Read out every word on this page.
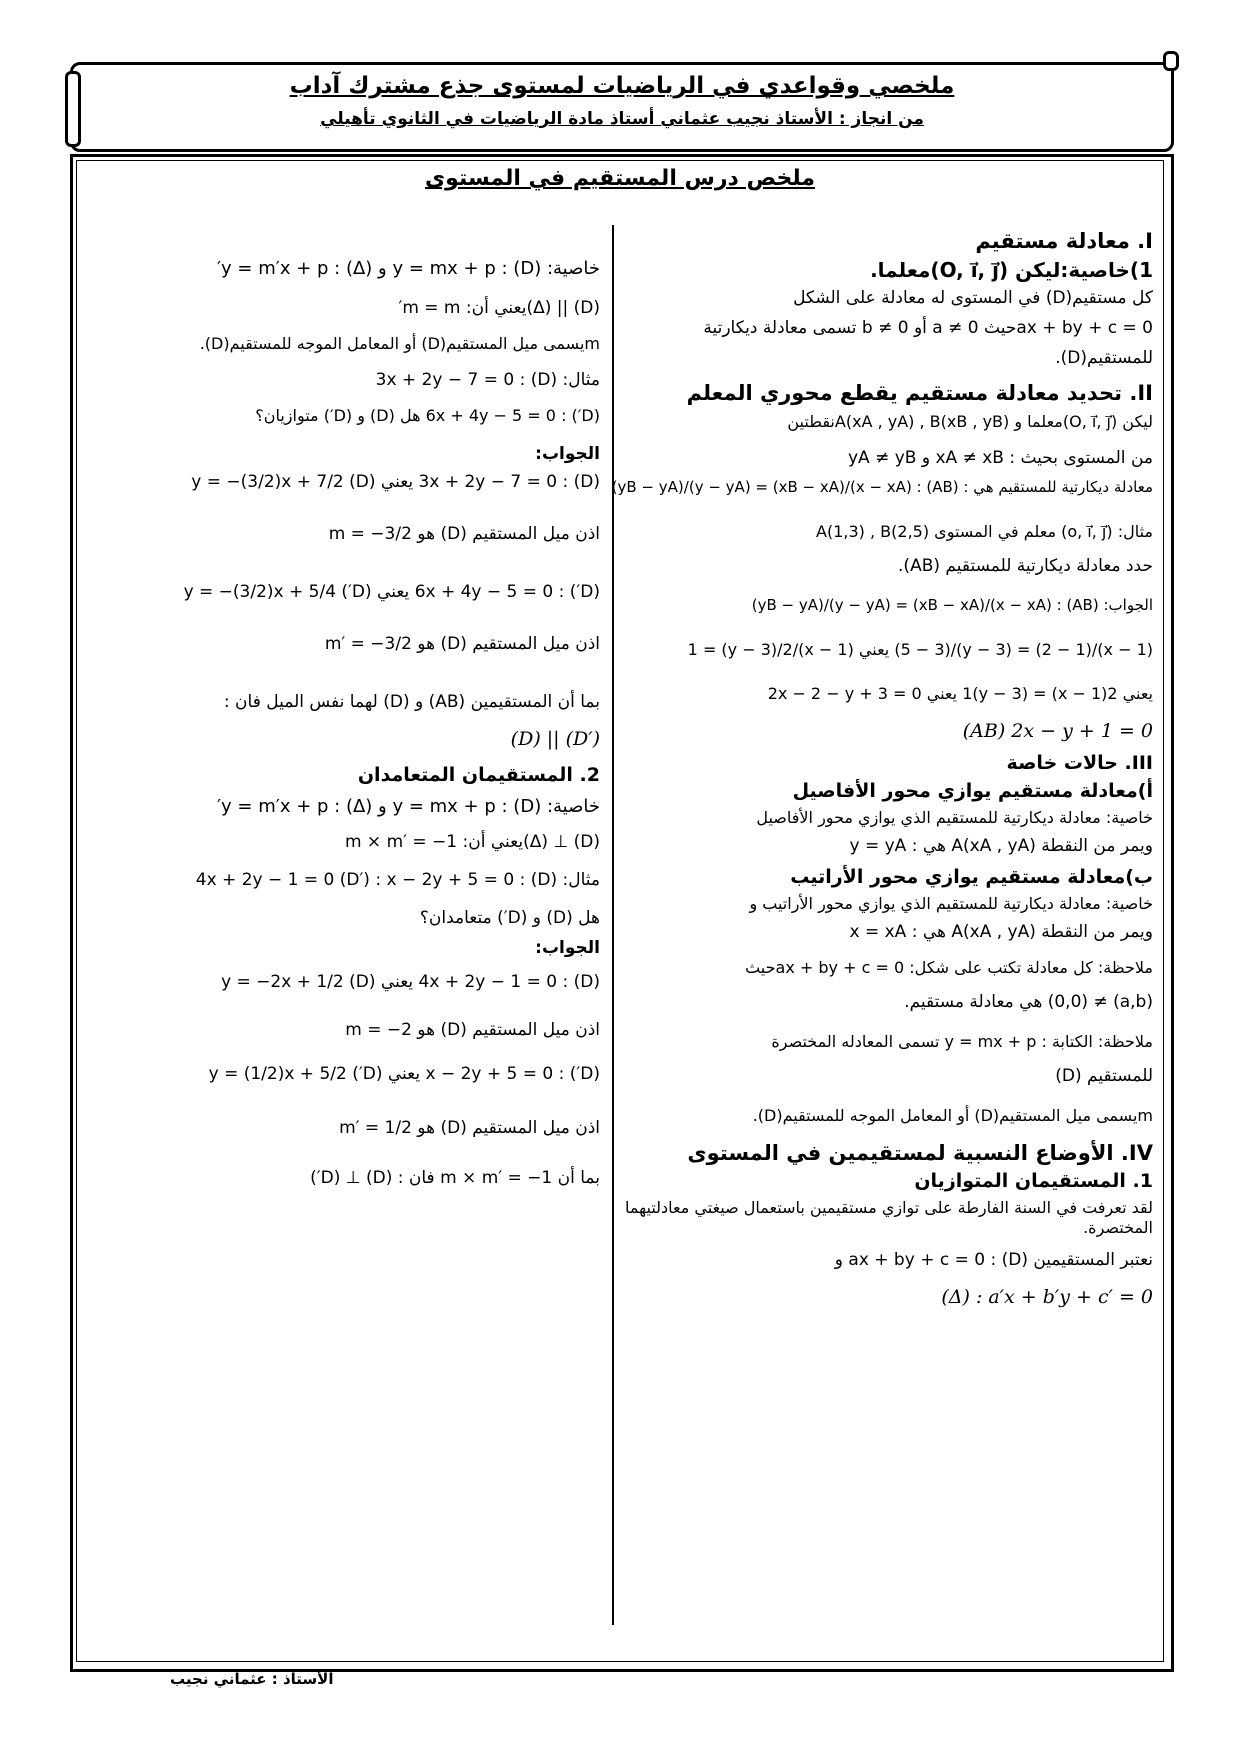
ملخصي وقواعدي في الرياضيات لمستوى جذع مشترك آداب
من انجاز : الأستاذ نجيب عثماني أستاذ مادة الرياضيات في الثانوي تأهيلي
ملخص درس المستقيم في المستوى

I. معادلة مستقيم

1)خاصية:ليكن (O, i⃗, j⃗)معلما.

كل مستقيم(D) في المستوى له معادلة على الشكل

ax + by + c = 0حيث a ≠ 0 أو b ≠ 0 تسمى معادلة ديكارتية

للمستقيم(D).

II. تحديد معادلة مستقيم يقطع محوري المعلم

ليكن (O, i⃗, j⃗)معلما و A(xA , yA) , B(xB , yB)نقطتين

من المستوى بحيث : xA ≠ xB و yA ≠ yB

معادلة ديكارتية للمستقيم هي : (AB) : (x − xA)/(xB − xA) = (y − yA)/(yB − yA)

مثال: (o, i⃗, j⃗) معلم في المستوى A(1,3) , B(2,5)

حدد معادلة ديكارتية للمستقيم (AB).

الجواب: (AB) : (x − xA)/(xB − xA) = (y − yA)/(yB − yA)

(x − 1)/(2 − 1) = (y − 3)/(5 − 3) يعني (x − 1)/1 = (y − 3)/2

يعني 2(x − 1) = 1(y − 3) يعني 2x − 2 − y + 3 = 0

(AB) 2x − y + 1 = 0

III. حالات خاصة

أ)معادلة مستقيم يوازي محور الأفاصيل

خاصية: معادلة ديكارتية للمستقيم الذي يوازي محور الأفاصيل

ويمر من النقطة A(xA , yA) هي : y = yA

ب)معادلة مستقيم يوازي محور الأراتيب

خاصية: معادلة ديكارتية للمستقيم الذي يوازي محور الأراتيب و

ويمر من النقطة A(xA , yA) هي : x = xA

ملاحظة: كل معادلة تكتب على شكل: ax + by + c = 0حيث

(a,b) ≠ (0,0) هي معادلة مستقيم.

ملاحظة: الكتابة : y = mx + p تسمى المعادله المختصرة

للمستقيم (D)

mيسمى ميل المستقيم(D) أو المعامل الموجه للمستقيم(D).

IV. الأوضاع النسبية لمستقيمين في المستوى

1. المستقيمان المتوازيان

لقد تعرفت في السنة الفارطة على توازي مستقيمين باستعمال صيغتي معادلتيهما المختصرة.

نعتبر المستقيمين (D) : ax + by + c = 0 و

(Δ) : a′x + b′y + c′ = 0

خاصية: (D) : y = mx + p و (Δ) : y = m′x + p′

(D) || (Δ)يعني أن: m = m′

mيسمى ميل المستقيم(D) أو المعامل الموجه للمستقيم(D).

مثال: (D) : 3x + 2y − 7 = 0

(D′) : 6x + 4y − 5 = 0 هل (D) و (D′) متوازيان؟

الجواب:

(D) : 3x + 2y − 7 = 0 يعني (D) y = −(3/2)x + 7/2

اذن ميل المستقيم (D) هو m = −3/2

(D′) : 6x + 4y − 5 = 0 يعني (D′) y = −(3/2)x + 5/4

اذن ميل المستقيم (D) هو m′ = −3/2

بما أن المستقيمين (AB) و (D) لهما نفس الميل فان :

(D) || (D′)

2. المستقيمان المتعامدان

خاصية: (D) : y = mx + p و (Δ) : y = m′x + p′

(D) ⊥ (Δ)يعني أن: m × m′ = −1

مثال: (D) : 4x + 2y − 1 = 0 (D′) : x − 2y + 5 = 0

هل (D) و (D′) متعامدان؟

الجواب:

(D) : 4x + 2y − 1 = 0 يعني (D) y = −2x + 1/2

اذن ميل المستقيم (D) هو m = −2

(D′) : x − 2y + 5 = 0 يعني (D′) y = (1/2)x + 5/2

اذن ميل المستقيم (D) هو m′ = 1/2

بما أن m × m′ = −1 فان : (D) ⊥ (D′)

الأستاذ : عثماني نجيب
